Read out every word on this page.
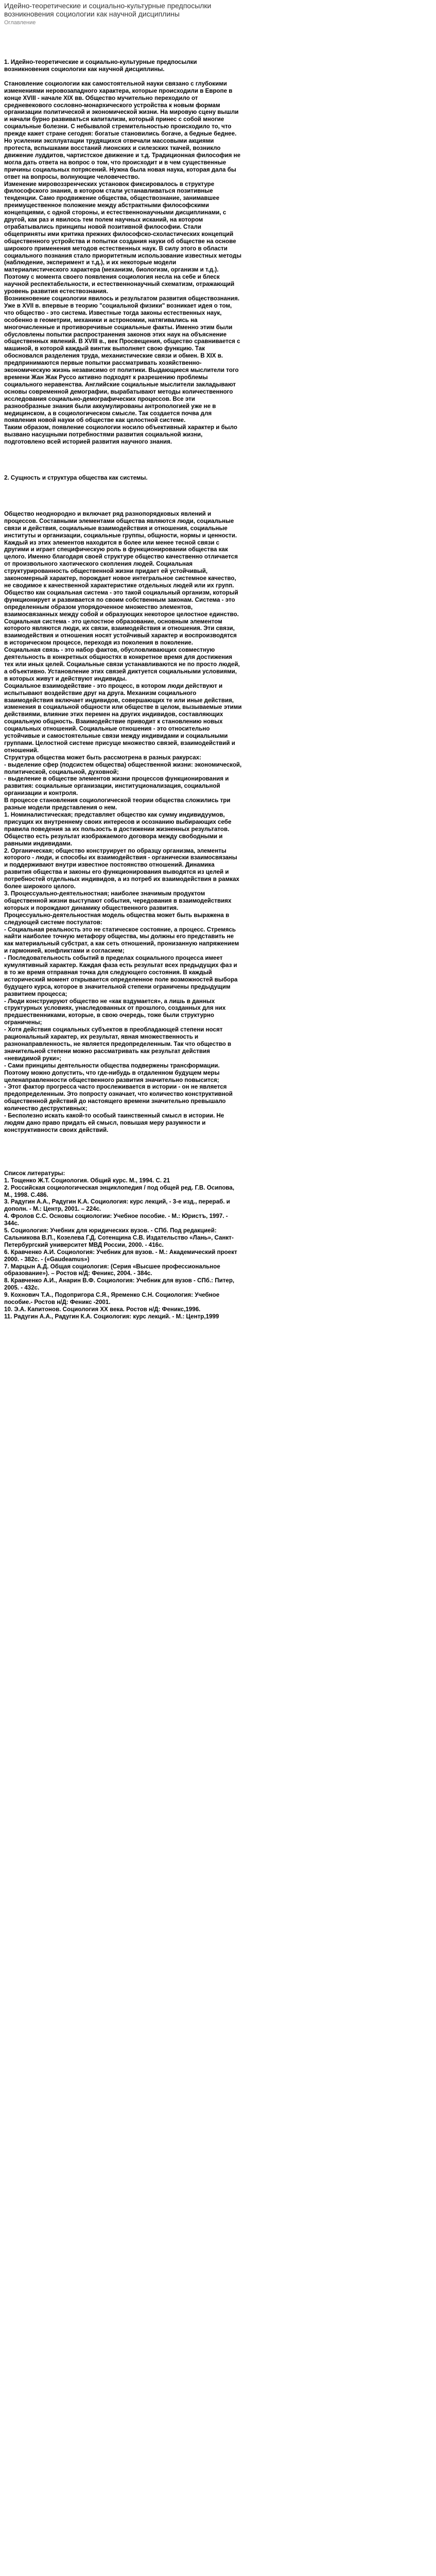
Идейно-теоретические и социально-культурные предпосылки возникновения социологии как научной дисциплины
Оглавление

1. Идейно-теоретические и социально-культурные предпосылки возникновения социологии как научной дисциплины.

Становление социологии как самостоятельной науки связано с глубокими изменениями неровозападного характера, которые происходили в Европе в конце XVIII - начале XIX вв. Общество мучительно переходило от средневекового сословно-монархического устройства к новым формам организации политической и экономической жизни. На мировую сцену вышли и начали бурно развиваться капитализм, который принес с собой многие социальные болезни. С небывалой стремительностью происходило то, что прежде кажет стране сегодня: богатые становились богаче, а бедные беднее. Но усилении эксплуатации трудящихся отвечали массовыми акциями протеста, вспышками восстаний лионских и силезских ткачей, возникло движение луддитов, чартистское движение и т.д. Традиционная философия не могла дать ответа на вопрос о том, что происходит и в чем существенные причины социальных потрясений. Нужна была новая наука, которая дала бы ответ на вопросы, волнующие человечество.

Изменение мировоззренческих установок фиксировалось в структуре философского знания, в котором стали устанавливаться позитивные тенденции. Само продвижение общества, обществознание, занимавшее преимущественное положение между абстрактными философскими концепциями, с одной стороны, и естественнонаучными дисциплинами, с другой, как раз и явилось тем полем научных исканий, на котором отрабатывались принципы новой позитивной философии. Стали общеприняты ими критика прежних философско-схоластических концепций общественного устройства и попытки создания науки об обществе на основе широкого применения методов естественных наук. В силу этого в области социального познания стало приоритетным использование известных методы (наблюдение, эксперимент и т.д.), и их некоторые модели материалистического характера (механизм, биологизм, организм и т.д.). Поэтому с момента своего появления социология несла на себе и блеск научной респектабельности, и естественнонаучный схематизм, отражающий уровень развития естествознания.

Возникновение социологии явилось и результатом развития обществознания. Уже в XVII в. впервые в теорию "социальной физики" возникает идея о том, что общество - это система. Известные тогда законы естественных наук, особенно в геометрии, механики и астрономии, натягивались на многочисленные и противоречивые социальные факты. Именно этим были обусловлены попытки распространения законов этих наук на объяснение общественных явлений. В XVIII в., век Просвещения, общество сравнивается с машиной, в которой каждый винтик выполняет свою функцию. Так обосновался разделения труда, механистические связи и обмен. В XIX в. предпринимаются первые попытки рассматривать хозяйственно-экономическую жизнь независимо от политики. Выдающиеся мыслители того времени Жан Жак Руссо активно подходят к разрешению проблемы социального неравенства. Английские социальные мыслители закладывают основы современной демографии, вырабатывают методы количественного исследования социально-демографических процессов. Все эти разнообразные знания были аккумулированы антропологией уже не в медицинском, а в социологическом смысле. Так создается почва для появления новой науки об обществе как целостной системе.

Таким образом, появление социологии носило объективный характер и было вызвано насущными потребностями развития социальной жизни, подготовлено всей историей развития научного знания.

2. Сущность и структура общества как системы.

Общество неоднородно и включает ряд разнопорядковых явлений и процессов. Составными элементами общества являются люди, социальные связи и действия, социальные взаимодействия и отношения, социальные институты и организации, социальные группы, общности, нормы и ценности. Каждый из этих элементов находится в более или менее тесной связи с другими и играет специфическую роль в функционировании общества как целого. Именно благодаря своей структуре общество качественно отличается от произвольного хаотического скопления людей. Социальная структурированность общественной жизни придает ей устойчивый, закономерный характер, порождает новое интегральное системное качество, не сводимое к качественной характеристике отдельных людей или их групп.

Общество как социальная система - это такой социальный организм, который функционирует и развивается по своим собственным законам. Система - это определенным образом упорядоченное множество элементов, взаимосвязанных между собой и образующих некоторое целостное единство. Социальная система - это целостное образование, основным элементом которого являются люди, их связи, взаимодействия и отношения. Эти связи, взаимодействия и отношения носят устойчивый характер и воспроизводятся в историческом процессе, переходя из поколения в поколение.

Социальная связь - это набор фактов, обусловливающих совместную деятельность в конкретных общностях в конкретное время для достижения тех или иных целей. Социальные связи устанавливаются не по просто людей, а объективно. Установление этих связей диктуется социальными условиями, в которых живут и действуют индивиды.

Социальное взаимодействие - это процесс, в котором люди действуют и испытывают воздействие друг на друга. Механизм социального взаимодействия включает индивидов, совершающих те или иные действия, изменения в социальной общности или обществе в целом, вызываемые этими действиями, влияние этих перемен на других индивидов, составляющих социальную общность. Взаимодействие приводит к становлению новых социальных отношений. Социальные отношения - это относительно устойчивые и самостоятельные связи между индивидами и социальными группами. Целостной системе присуще множество связей, взаимодействий и отношений.

Структура общества может быть рассмотрена в разных ракурсах:

- выделение сфер (подсистем общества) общественной жизни: экономической, политической, социальной, духовной;

- выделение в обществе элементов жизни процессов функционирования и развития: социальные организации, институционализация, социальной организации и контроля.

В процессе становления социологической теории общества сложились три разные модели представления о нем.

1. Номиналистическая; представляет общество как сумму индивидуумов, присущих их внутреннему своих интересов и осознанию выбирающих себе правила поведения за их пользость в достижении жизненных результатов. Общество есть результат изображаемого договора между свободными и равными индивидами.

2. Органическая; общество конструирует по образцу организма, элементы которого - люди, и способы их взаимодействия - органически взаимосвязаны и поддерживают внутри известное постоянство отношений. Динамика развития общества и законы его функционирования выводятся из целей и потребностей отдельных индивидов, а из потреб их взаимодействия в рамках более широкого целого.

3. Процессуально-деятельностная; наиболее значимым продуктом общественной жизни выступают события, чередования в взаимодействиях которых и порождают динамику общественного развития.

Процессуально-деятельностная модель общества может быть выражена в следующей системе постулатов:

- Социальная реальность это не статическое состояние, а процесс. Стремясь найти наиболее точную метафору общества, мы должны его представить не как материальный субстрат, а как сеть отношений, пронизанную напряжением и гармонией, конфликтами и согласием;

- Последовательность событий в пределах социального процесса имеет кумулятивный характер. Каждая фаза есть результат всех предыдущих фаз и в то же время отправная точка для следующего состояния. В каждый исторический момент открывается определенное поле возможностей выбора будущего курса, которое в значительной степени ограничены предыдущим развитием процесса;

- Люди конструируют общество не «как вздумается», а лишь в данных структурных условиях, унаследованных от прошлого, созданных для них предшественниками, которые, в свою очередь, тоже были структурно ограничены;

- Хотя действия социальных субъектов в преобладающей степени носят рациональный характер, их результат, явная множественность и разнонаправленность, не является предопределенным. Так что общество в значительной степени можно рассматривать как результат действия «невидимой руки»;

- Сами принципы деятельности общества подвержены трансформации. Поэтому можно допустить, что где-нибудь в отдаленном будущем меры целенаправленности общественного развития значительно повысится;

- Этот фактор прогресса часто прослеживается в истории - он не является предопределенным. Это попросту означает, что количество конструктивной общественной действий до настоящего времени значительно превышало количество деструктивных;

- Бесполезно искать какой-то особый таинственный смысл в истории. Не людям дано право придать ей смысл, повышая меру разумности и конструктивности своих действий.

Список литературы:

1. Тощенко Ж.Т. Социология. Общий курс. М., 1994. С. 21

2. Российская социологическая энциклопедия / под общей ред. Г.В. Осипова, М., 1998. С.486.

3. Радугин А.А., Радугин К.А. Социология: курс лекций, - 3-е изд., перераб. и дополн. - М.: Центр, 2001. – 224с.

4. Фролов С.С. Основы социологии: Учебное пособие. - М.: Юристъ, 1997. - 344с.

5. Социология: Учебник для юридических вузов. - СПб. Под редакцией: Сальникова В.П., Козелева Г.Д. Сотенщина С.В. Издательство «Лань», Санкт-Петербургский университет МВД России, 2000. - 416с.

6. Кравченко А.И. Социология: Учебник для вузов. - М.: Академический проект 2000. - 382с. - («Gaudeamus»)

7. Марцын А.Д. Общая социология: (Серия «Высшее профессиональное образование»). – Ростов н/Д: Феникс, 2004. - 384с.

8. Кравченко А.И., Анарин В.Ф. Социология: Учебник для вузов - СПб.: Питер, 2005. - 432с.

9. Кохнович Т.А., Подопригора С.Я., Яременко С.Н. Социология: Учебное пособие.- Ростов н/Д: Феникс -2001.

10. Э.А. Капитонов. Социология XX века. Ростов н/Д: Феникс,1996.

11. Радугин А.А., Радугин К.А. Социология: курс лекций. - М.: Центр,1999
